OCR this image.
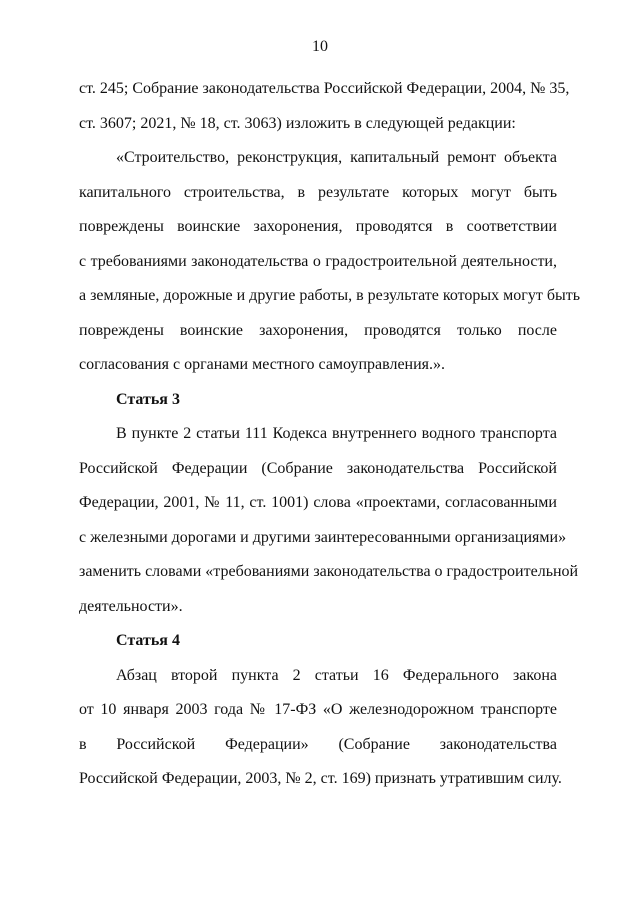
10
ст. 245; Собрание законодательства Российской Федерации, 2004, № 35,
ст. 3607; 2021, № 18, ст. 3063) изложить в следующей редакции:
«Строительство, реконструкция, капитальный ремонт объекта
капитального строительства, в результате которых могут быть
повреждены воинские захоронения, проводятся в соответствии
с требованиями законодательства о градостроительной деятельности,
а земляные, дорожные и другие работы, в результате которых могут быть
повреждены воинские захоронения, проводятся только после
согласования с органами местного самоуправления.».
Статья 3
В пункте 2 статьи 111 Кодекса внутреннего водного транспорта
Российской Федерации (Собрание законодательства Российской
Федерации, 2001, № 11, ст. 1001) слова «проектами, согласованными
с железными дорогами и другими заинтересованными организациями»
заменить словами «требованиями законодательства о градостроительной
деятельности».
Статья 4
Абзац второй пункта 2 статьи 16 Федерального закона
от 10 января 2003 года № 17-ФЗ «О железнодорожном транспорте
в Российской Федерации» (Собрание законодательства
Российской Федерации, 2003, № 2, ст. 169) признать утратившим силу.
